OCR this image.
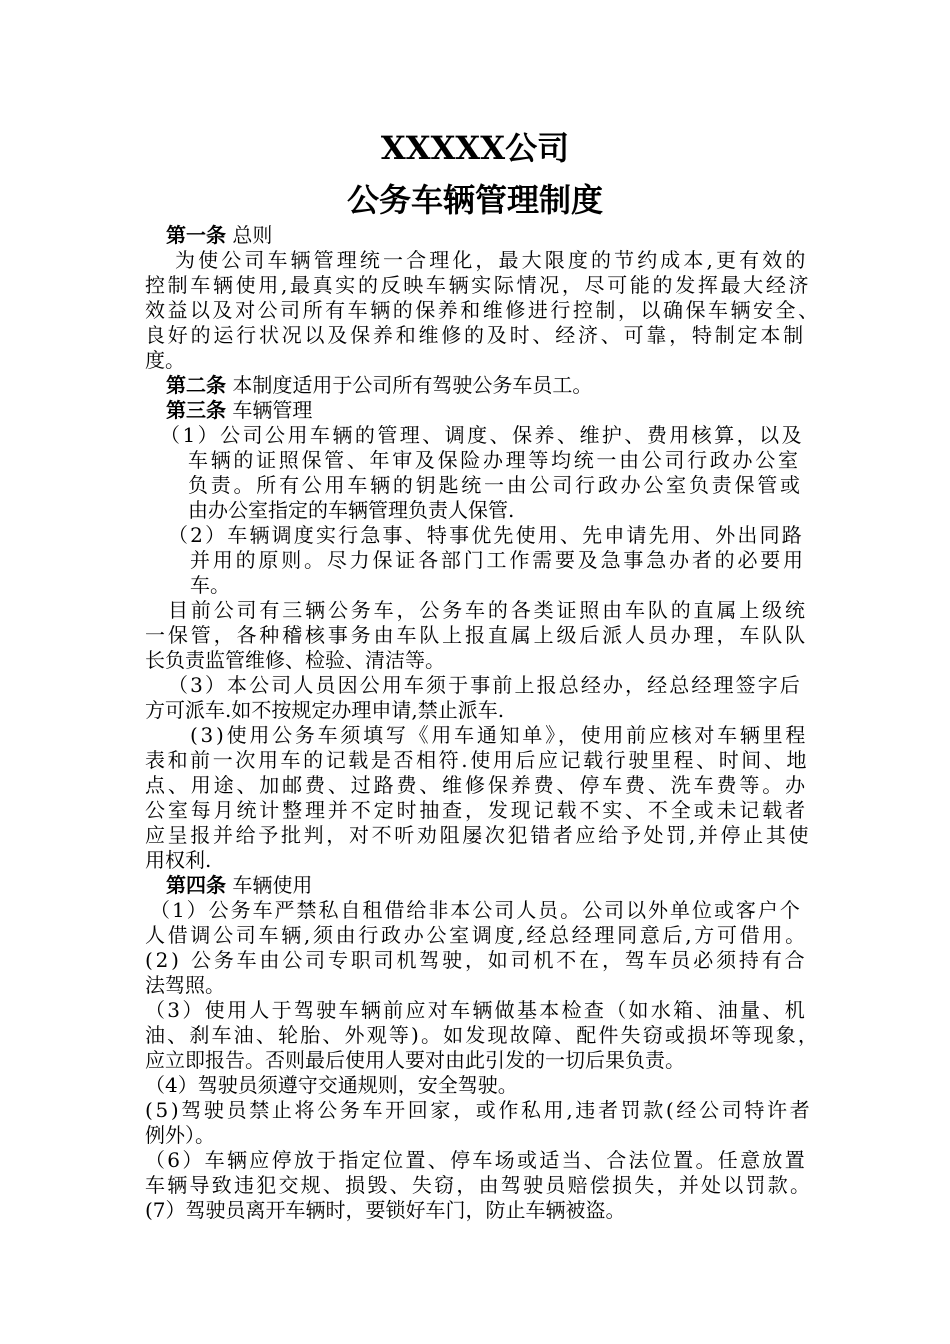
XXXXX公司
公务车辆管理制度
第一条 总则
为使公司车辆管理统一合理化，最大限度的节约成本,更有效的
控制车辆使用,最真实的反映车辆实际情况，尽可能的发挥最大经济
效益以及对公司所有车辆的保养和维修进行控制，以确保车辆安全、
良好的运行状况以及保养和维修的及时、经济、可靠，特制定本制
度。
第二条 本制度适用于公司所有驾驶公务车员工。
第三条 车辆管理
（1）公司公用车辆的管理、调度、保养、维护、费用核算，以及
车辆的证照保管、年审及保险办理等均统一由公司行政办公室
负责。所有公用车辆的钥匙统一由公司行政办公室负责保管或
由办公室指定的车辆管理负责人保管.
（2）车辆调度实行急事、特事优先使用、先申请先用、外出同路
并用的原则。尽力保证各部门工作需要及急事急办者的必要用
车。
目前公司有三辆公务车，公务车的各类证照由车队的直属上级统
一保管，各种稽核事务由车队上报直属上级后派人员办理，车队队
长负责监管维修、检验、清洁等。
（3）本公司人员因公用车须于事前上报总经办，经总经理签字后
方可派车.如不按规定办理申请,禁止派车.
(3)使用公务车须填写《用车通知单》，使用前应核对车辆里程
表和前一次用车的记载是否相符.使用后应记载行驶里程、时间、地
点、用途、加邮费、过路费、维修保养费、停车费、洗车费等。办
公室每月统计整理并不定时抽查，发现记载不实、不全或未记载者
应呈报并给予批判，对不听劝阻屡次犯错者应给予处罚,并停止其使
用权利.
第四条 车辆使用
（1）公务车严禁私自租借给非本公司人员。公司以外单位或客户个
人借调公司车辆,须由行政办公室调度,经总经理同意后,方可借用。
(2) 公务车由公司专职司机驾驶，如司机不在，驾车员必须持有合
法驾照。
（3）使用人于驾驶车辆前应对车辆做基本检查（如水箱、油量、机
油、刹车油、轮胎、外观等)。如发现故障、配件失窃或损坏等现象，
应立即报告。否则最后使用人要对由此引发的一切后果负责。
（4）驾驶员须遵守交通规则，安全驾驶。
(5)驾驶员禁止将公务车开回家，或作私用,违者罚款(经公司特许者
例外）。
（6）车辆应停放于指定位置、停车场或适当、合法位置。任意放置
车辆导致违犯交规、损毁、失窃，由驾驶员赔偿损失，并处以罚款。
(7）驾驶员离开车辆时，要锁好车门，防止车辆被盗。
